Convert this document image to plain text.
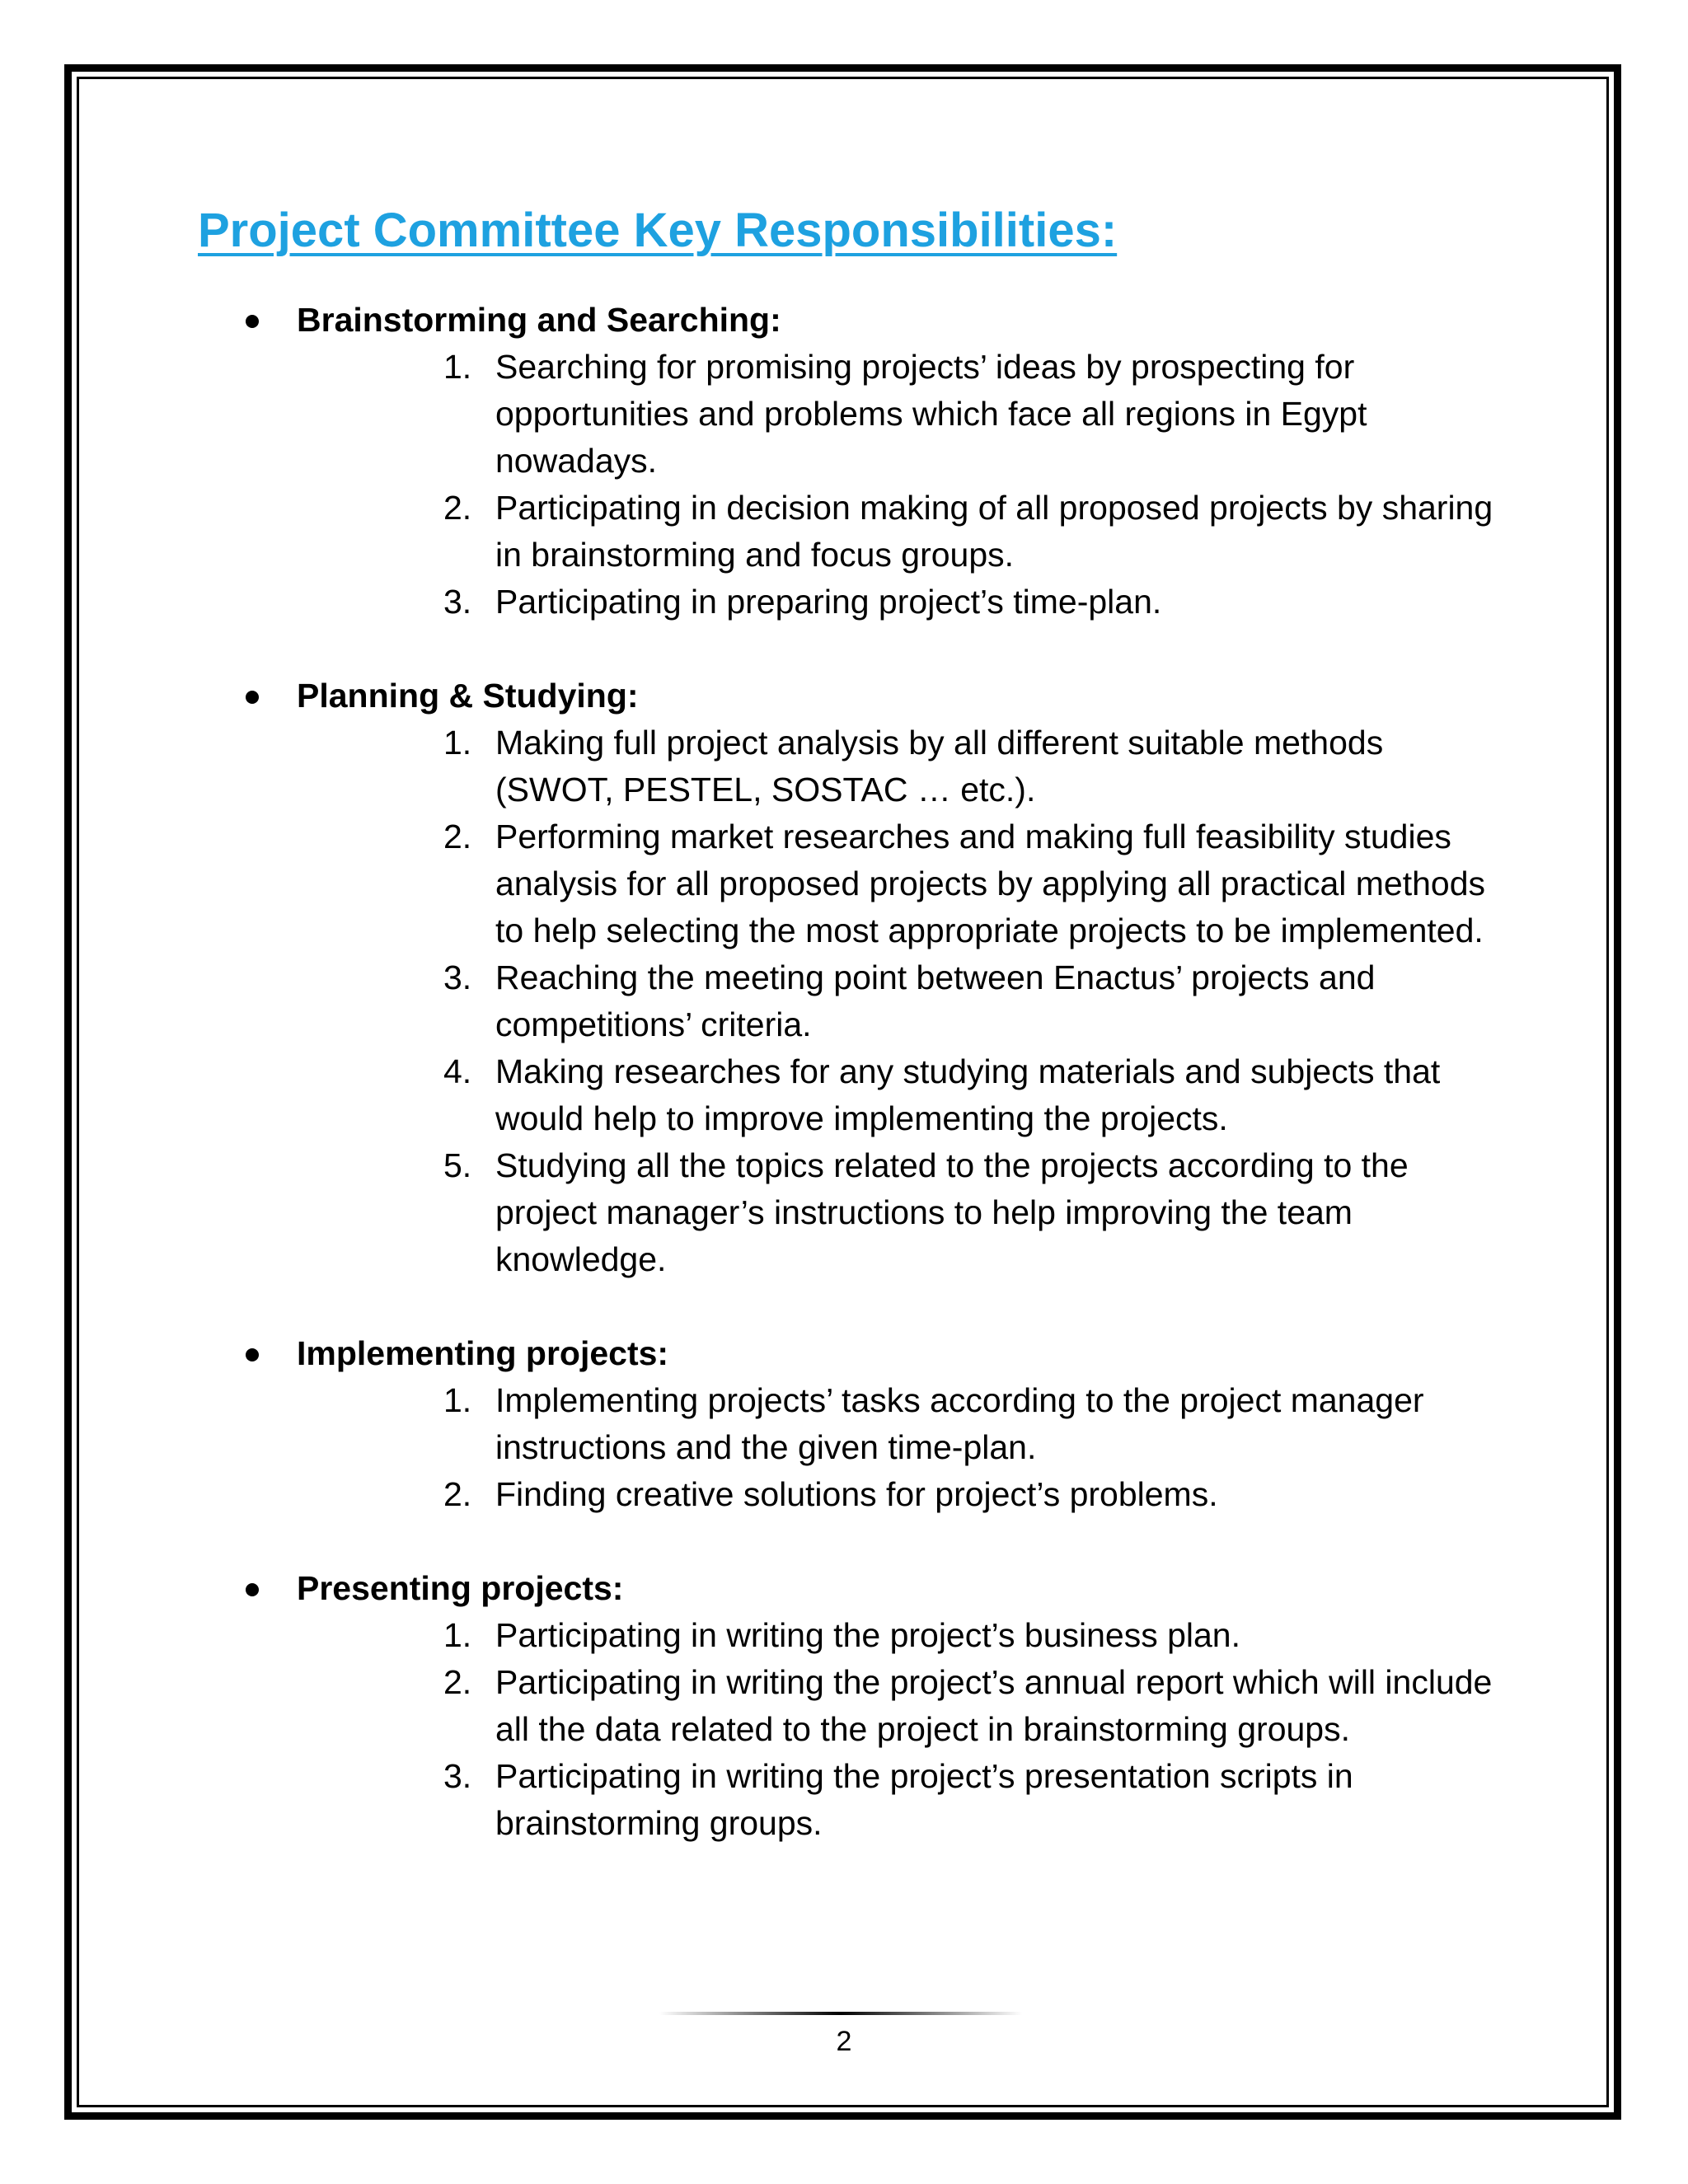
Project Committee Key Responsibilities:
Brainstorming and Searching:
1. Searching for promising projects’ ideas by prospecting for opportunities and problems which face all regions in Egypt nowadays.
2. Participating in decision making of all proposed projects by sharing in brainstorming and focus groups.
3. Participating in preparing project’s time-plan.
Planning & Studying:
1. Making full project analysis by all different suitable methods (SWOT, PESTEL, SOSTAC … etc.).
2. Performing market researches and making full feasibility studies analysis for all proposed projects by applying all practical methods to help selecting the most appropriate projects to be implemented.
3. Reaching the meeting point between Enactus’ projects and competitions’ criteria.
4. Making researches for any studying materials and subjects that would help to improve implementing the projects.
5. Studying all the topics related to the projects according to the project manager’s instructions to help improving the team knowledge.
Implementing projects:
1. Implementing projects’ tasks according to the project manager instructions and the given time-plan.
2. Finding creative solutions for project’s problems.
Presenting projects:
1. Participating in writing the project’s business plan.
2. Participating in writing the project’s annual report which will include all the data related to the project in brainstorming groups.
3. Participating in writing the project’s presentation scripts in brainstorming groups.
2
